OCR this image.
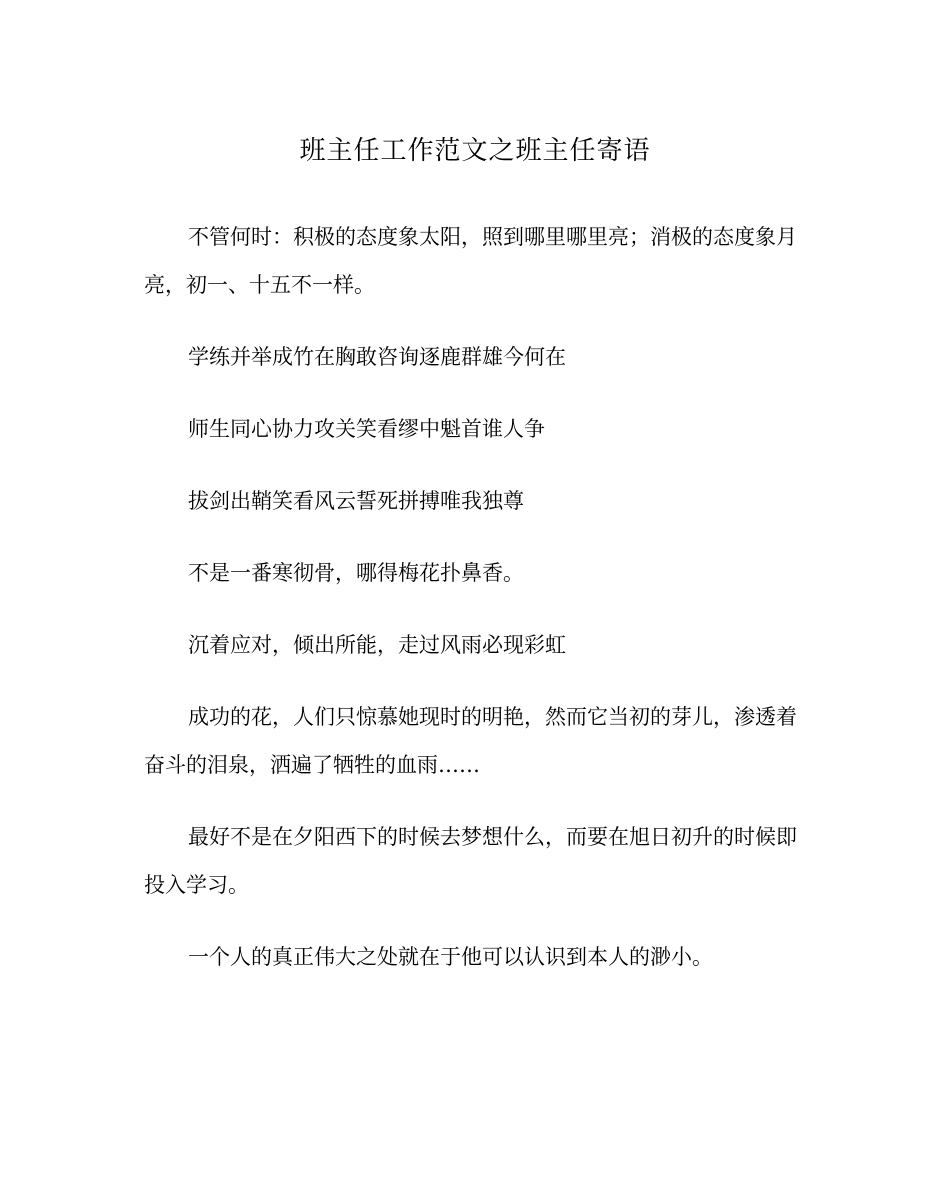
班主任工作范文之班主任寄语

不管何时：积极的态度象太阳，照到哪里哪里亮；消极的态度象月亮，初一、十五不一样。

学练并举成竹在胸敢咨询逐鹿群雄今何在

师生同心协力攻关笑看缪中魁首谁人争

拔剑出鞘笑看风云誓死拼搏唯我独尊

不是一番寒彻骨，哪得梅花扑鼻香。

沉着应对，倾出所能，走过风雨必现彩虹

成功的花，人们只惊慕她现时的明艳，然而它当初的芽儿，渗透着奋斗的泪泉，洒遍了牺牲的血雨……

最好不是在夕阳西下的时候去梦想什么，而要在旭日初升的时候即投入学习。

一个人的真正伟大之处就在于他可以认识到本人的渺小。
